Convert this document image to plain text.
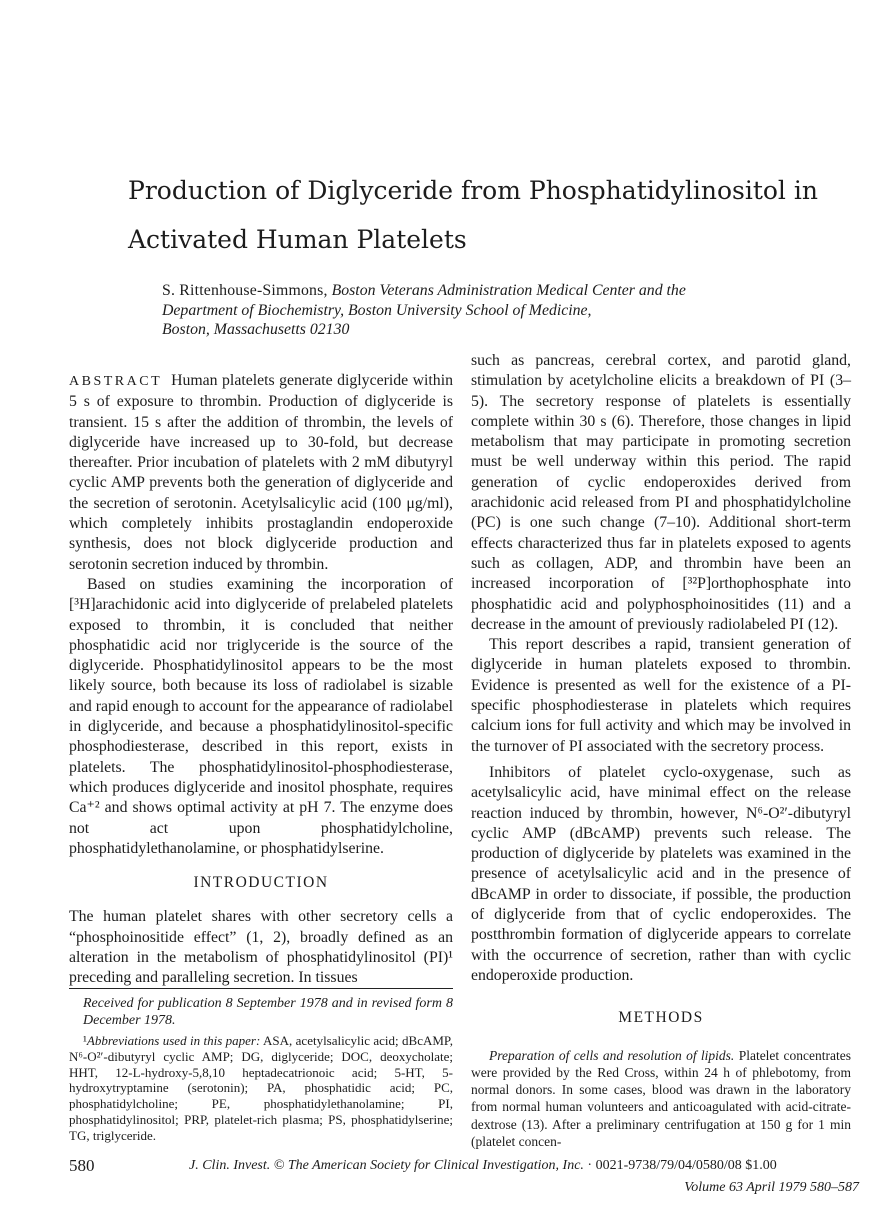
Production of Diglyceride from Phosphatidylinositol in
Activated Human Platelets
S. Rittenhouse-Simmons, Boston Veterans Administration Medical Center and the
Department of Biochemistry, Boston University School of Medicine,
Boston, Massachusetts 02130

ABSTRACT Human platelets generate diglyceride within 5 s of exposure to thrombin. Production of diglyceride is transient. 15 s after the addition of thrombin, the levels of diglyceride have increased up to 30-fold, but decrease thereafter. Prior incubation of platelets with 2 mM dibutyryl cyclic AMP prevents both the generation of diglyceride and the secretion of serotonin. Acetylsalicylic acid (100 μg/ml), which completely inhibits prostaglandin endoperoxide synthesis, does not block diglyceride production and serotonin secretion induced by thrombin.

Based on studies examining the incorporation of [³H]arachidonic acid into diglyceride of prelabeled platelets exposed to thrombin, it is concluded that neither phosphatidic acid nor triglyceride is the source of the diglyceride. Phosphatidylinositol appears to be the most likely source, both because its loss of radiolabel is sizable and rapid enough to account for the appearance of radiolabel in diglyceride, and because a phosphatidylinositol-specific phosphodiesterase, described in this report, exists in platelets. The phosphatidylinositol-phosphodiesterase, which produces diglyceride and inositol phosphate, requires Ca⁺² and shows optimal activity at pH 7. The enzyme does not act upon phosphatidylcholine, phosphatidylethanolamine, or phosphatidylserine.

INTRODUCTION

The human platelet shares with other secretory cells a “phosphoinositide effect” (1, 2), broadly defined as an alteration in the metabolism of phosphatidylinositol (PI)¹ preceding and paralleling secretion. In tissues

Received for publication 8 September 1978 and in revised form 8 December 1978.

¹Abbreviations used in this paper: ASA, acetylsalicylic acid; dBcAMP, N⁶-O²′-dibutyryl cyclic AMP; DG, diglyceride; DOC, deoxycholate; HHT, 12-L-hydroxy-5,8,10 heptadecatrionoic acid; 5-HT, 5-hydroxytryptamine (serotonin); PA, phosphatidic acid; PC, phosphatidylcholine; PE, phosphatidylethanolamine; PI, phosphatidylinositol; PRP, platelet-rich plasma; PS, phosphatidylserine; TG, triglyceride.

such as pancreas, cerebral cortex, and parotid gland, stimulation by acetylcholine elicits a breakdown of PI (3–5). The secretory response of platelets is essentially complete within 30 s (6). Therefore, those changes in lipid metabolism that may participate in promoting secretion must be well underway within this period. The rapid generation of cyclic endoperoxides derived from arachidonic acid released from PI and phosphatidylcholine (PC) is one such change (7–10). Additional short-term effects characterized thus far in platelets exposed to agents such as collagen, ADP, and thrombin have been an increased incorporation of [³²P]orthophosphate into phosphatidic acid and polyphosphoinositides (11) and a decrease in the amount of previously radiolabeled PI (12).

This report describes a rapid, transient generation of diglyceride in human platelets exposed to thrombin. Evidence is presented as well for the existence of a PI-specific phosphodiesterase in platelets which requires calcium ions for full activity and which may be involved in the turnover of PI associated with the secretory process.

Inhibitors of platelet cyclo-oxygenase, such as acetylsalicylic acid, have minimal effect on the release reaction induced by thrombin, however, N⁶-O²′-dibutyryl cyclic AMP (dBcAMP) prevents such release. The production of diglyceride by platelets was examined in the presence of acetylsalicylic acid and in the presence of dBcAMP in order to dissociate, if possible, the production of diglyceride from that of cyclic endoperoxides. The postthrombin formation of diglyceride appears to correlate with the occurrence of secretion, rather than with cyclic endoperoxide production.

METHODS

Preparation of cells and resolution of lipids. Platelet concentrates were provided by the Red Cross, within 24 h of phlebotomy, from normal donors. In some cases, blood was drawn in the laboratory from normal human volunteers and anticoagulated with acid-citrate-dextrose (13). After a preliminary centrifugation at 150 g for 1 min (platelet concen-

580	J. Clin. Invest. © The American Society for Clinical Investigation, Inc. · 0021-9738/79/04/0580/08 $1.00
Volume 63 April 1979 580–587
